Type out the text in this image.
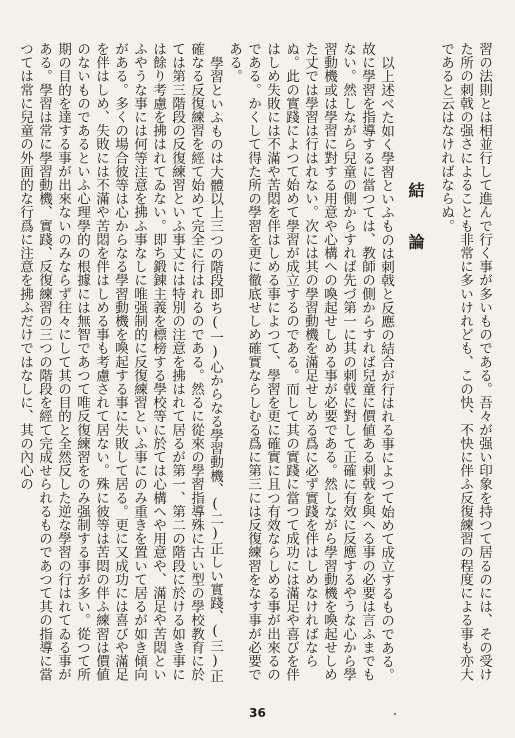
習の法則とは相並行して進んで行く事が多いものである。吾々が强い印象を持つて居るのには、その受けた所の刺戟の强さによることも非常に多いけれども、この快、不快に伴ふ反復練習の程度による事も亦大であると云はなければならぬ。

結論

以上述べた如く學習といふものは刺戟と反應の結合が行はれる事によつて始めて成立するものである。故に學習を指導するに當つては、教師の側からすれば兒童に價値ある刺戟を與へる事の必要は言ふまでもない。然しながら兒童の側からすれば先づ第一に其の刺戟に對して正確に有效に反應するやうな心から學習動機或は學習に對する用意や心構への喚起せしめる事が必要である。然しながら學習動機を喚起せしめた丈では學習は行はれない。次には其の學習動機を滿足せしめる爲に必ず實踐を伴はしめなければならぬ。此の實踐によつて始めて學習が成立するのである。而して其の實踐に當つて成功には滿足や喜びを伴はしめ失敗には不滿や苦悶を伴はしめる事によつて、學習を更に確實に且つ有效ならしめる事が出來るのである。かくして得た所の學習を更に徹底せしめ確實ならしむる爲に第三には反復練習をなす事が必要である。

學習といふものは大體以上三つの階段即ち(一)心からなる學習動機、(二)正しい實踐、(三)正確なる反復練習を經て始めて完全に行はれるのである。然るに從來の學習指導殊に古い型の學校教育に於ては第三階段の反復練習といふ事丈には特別の注意を拂はれて居るが第一、第二の階段に於ける如き事には餘り考慮を拂はれてゐない。即ち鍛錬主義を標榜する學校等に於ては心構へや用意や、滿足や苦悶といふやうな事には何等注意を拂ふ事なしに唯强制的に反復練習といふ事にのみ重きを置いて居るが如き傾向がある。多くの場合彼等は心からなる學習動機を喚起する事に失敗して居る。更に又成功には喜びや滿足を伴はしめ、失敗には不滿や苦悶を伴はしめる事も考慮されて居ない。殊に彼等は苦悶の伴ふ練習は價値のないものであるといふ心理學的の根據には無智であつて唯反復練習をのみ强制する事が多い。從つて所期の目的を達する事が出來ないのみならず往々にして其の目的と全然反した逆な學習の行はれてゐる事がある。學習は常に學習動機、實踐、反復練習の三つの階段を經て完成せられるものであつて其の指導に當つては常に兒童の外面的な行爲に注意を拂ふだけではなしに、其の內心の

36
